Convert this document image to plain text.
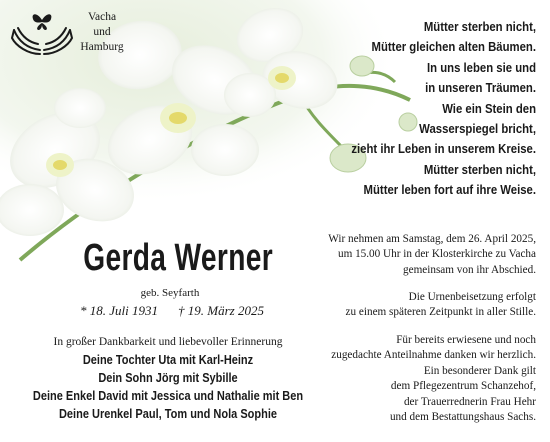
Vacha
und
Hamburg
Mütter sterben nicht,
Mütter gleichen alten Bäumen.
In uns leben sie und
in unseren Träumen.
Wie ein Stein den
Wasserspiegel bricht,
zieht ihr Leben in unserem Kreise.
Mütter sterben nicht,
Mütter leben fort auf ihre Weise.
Gerda Werner
geb. Seyfarth
* 18. Juli 1931 † 19. März 2025
In großer Dankbarkeit und liebevoller Erinnerung
Deine Tochter Uta mit Karl-Heinz
Dein Sohn Jörg mit Sybille
Deine Enkel David mit Jessica und Nathalie mit Ben
Deine Urenkel Paul, Tom und Nola Sophie
Wir nehmen am Samstag, dem 26. April 2025,
um 15.00 Uhr in der Klosterkirche zu Vacha
gemeinsam von ihr Abschied.
Die Urnenbeisetzung erfolgt
zu einem späteren Zeitpunkt in aller Stille.
Für bereits erwiesene und noch
zugedachte Anteilnahme danken wir herzlich.
Ein besonderer Dank gilt
dem Pflegezentrum Schanzehof,
der Trauerrednerin Frau Hehr
und dem Bestattungshaus Sachs.
